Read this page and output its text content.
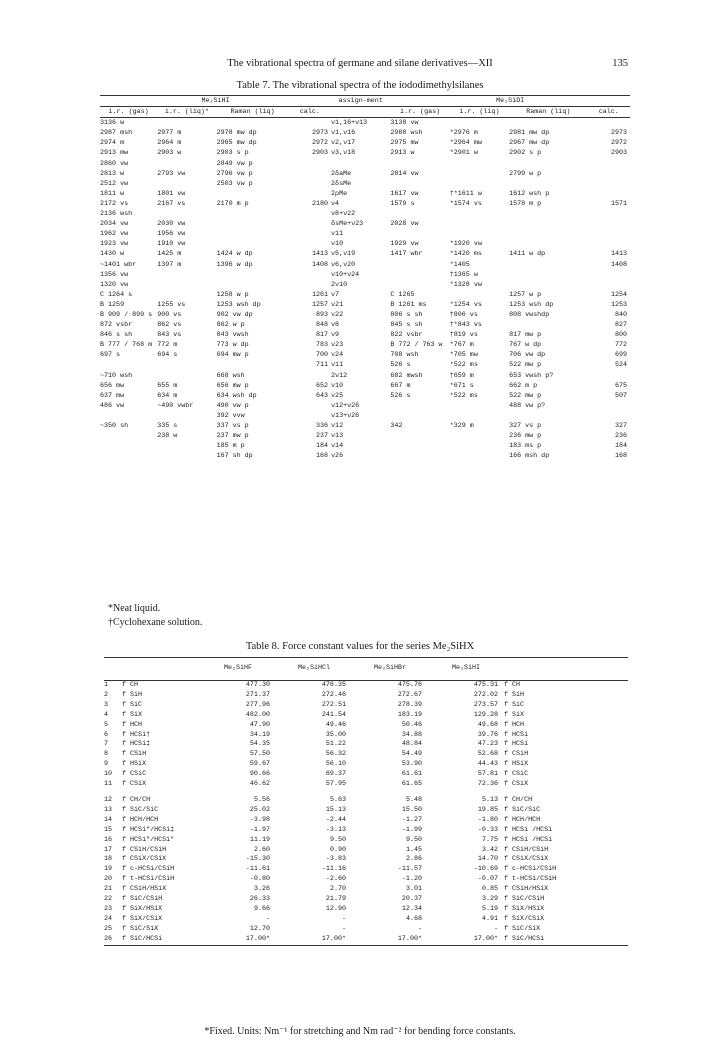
The vibrational spectra of germane and silane derivatives—XII	135
Table 7. The vibrational spectra of the iododimethylsilanes
Me₂SiHI				assign-ment	Me₂SiDI			
i.r. (gas)	i.r. (liq)*	Raman (liq)	calc.		i.r. (gas)	i.r. (liq)	Raman (liq)	calc.
3136 w				ν1,16+ν13	3138 vw			
2987 msh	2977 m	2978 mw dp	2973	ν1,ν16	2988 wsh	*2976 m	2981 mw dp	2973
2974 m	2964 m	2965 mw dp	2972	ν2,ν17	2975 mw	*2964 mw	2967 mw dp	2972
2913 mw	2903 w	2903 s p	2903	ν3,ν18	2913 w	*2901 w	2902 s p	2903
2860 vw		2849 vw p						
2813 w	2793 vw	2796 vw p		2δaMe	2814 vw		2799 w p	
2512 vw		2503 vw p		2δsMe				
1811 w	1801 vw			2ρMe	1617 vw	†*1611 w	1612 wsh p	
2172 vs	2167 vs	2170 m p	2180	ν4	1579 s	*1574 vs	1578 m p	1571
2136 wsh				ν8+ν22				
2034 vw	2030 vw			δsMe+ν23	2028 vw			
1962 vw	1956 vw			ν11				
1923 vw	1910 vw			ν10	1929 vw	*1920 vw		
1430 w	1425 m	1424 w dp	1413	ν5,ν19	1417 wbr	*1420 ms	1411 w dp	1413
~1401 wbr	1397 m	1396 w dp	1408	ν6,ν20		*1405		1408
1356 vw				ν10+ν24		†1365 w		
1320 vw				2ν10		*1328 vw		
C 1264 s		1258 w p	1261	ν7	C 1265		1257 w p	1254
B 1259	1255 vs	1253 wsh dp	1257	ν21	B 1261 ms	*1254 vs	1253 wsh dp	1253
B 909 / 899 s	900 vs	902 vw dp	893	ν22	806 s sh	†806 vs	808 vwshdp	840
872 vsbr	862 vs	862 w p	848	ν8	845 s sh	†*843 vs		827
846 s sh	843 vs	843 vwsh	817	ν9	822 vsbr	†819 vs	817 mw p	800
B 777 / 768 m	772 m	773 w dp	783	ν23	B 772 / 763 w	*767 m	767 w dp	772
697 s	694 s	694 mw p	700	ν24	708 wsh	*705 mw	706 vw dp	699
			711	ν11	526 s	*522 ms	522 mw p	524
~710 wsh		668 wsh		2ν12	682 mwsh	†659 m	653 vwsh p?	
656 mw	655 m	656 mw p	652	ν10	667 m	*671 s	662 m p	675
637 mw	634 m	634 wsh dp	643	ν25	526 s	*522 ms	522 mw p	507
486 vw	~490 vwbr	490 vw p		ν12+ν26			488 vw p?	
		392 vvw		ν13+ν26				
~350 sh	335 s	337 vs p	336	ν12	342	*329 m	327 vs p	327
	238 w	237 mw p	237	ν13			236 mw p	236
		185 m p	184	ν14			183 ms p	184
		167 sh dp	168	ν26			166 msh dp	168
*Neat liquid.
†Cyclohexane solution.
Table 8. Force constant values for the series Me₂SiHX
		Me₂SiHF	Me₂SiHCl	Me₂SiHBr	Me₂SiHI	
1	f CH	477.30	476.35	475.76	475.31	f CH
2	f SiH	271.37	272.46	272.67	272.02	f SiH
3	f SiC	277.96	272.51	278.39	273.57	f SiC
4	f SiX	482.00	241.54	183.19	129.28	f SiX
5	f HCH	47.90	49.46	50.46	49.68	f HCH
6	f HCSi†	34.19	35.00	34.88	39.76	f HCSi
7	f HCSi‡	54.35	51.22	48.84	47.23	f HCSi
8	f CSiH	57.50	56.32	54.49	52.68	f CSiH
9	f HSiX	59.67	56.10	53.90	44.43	f HSiX
10	f CSiC	90.66	69.37	61.61	57.81	f CSiC
11	f CSiX	46.62	57.95	61.65	72.36	f CSiX

12	f CH/CH	5.56	5.63	5.48	5.13	f CH/CH
13	f SiC/SiC	25.02	15.13	15.50	19.85	f SiC/SiC
14	f HCH/HCH	-3.98	-2.44	-1.27	-1.80	f HCH/HCH
15	f HCSi″/HCSi‡	-1.97	-3.13	-1.99	-0.33	f HCSi /HCSi
16	f HCSi″/HCSi″	11.19	9.50	9.50	7.75	f HCSi /HCSi
17	f CSiH/CSiH	2.60	0.90	1.45	3.42	f CSiH/CSiH
18	f CSiX/CSiX	-15.30	-3.83	2.86	14.70	f CSiX/CSiX
19	f c-HCSi/CSiH	-11.61	-11.16	-11.57	-10.69	f c-HCSi/CSiH
20	f t-HCSi/CSiH	-0.80	-2.60	-1.20	-0.07	f t-HCSi/CSiH
21	f CSiH/HSiX	3.26	2.70	3.01	0.85	f CSiH/HSiX
22	f SiC/CSiH	26.33	21.79	20.37	3.29	f SiC/CSiH
23	f SiX/HSiX	9.66	12.90	12.34	5.19	f SiX/HSiX
24	f SiX/CSiX	-	-	4.68	4.91	f SiX/CSiX
25	f SiC/SiX	12.70	-	-	-	f SiC/SiX
26	f SiC/HCSi	17.00*	17.00*	17.00*	17.00*	f SiC/HCSi

*Fixed. Units: Nm⁻¹ for stretching and Nm rad⁻² for bending force constants.
